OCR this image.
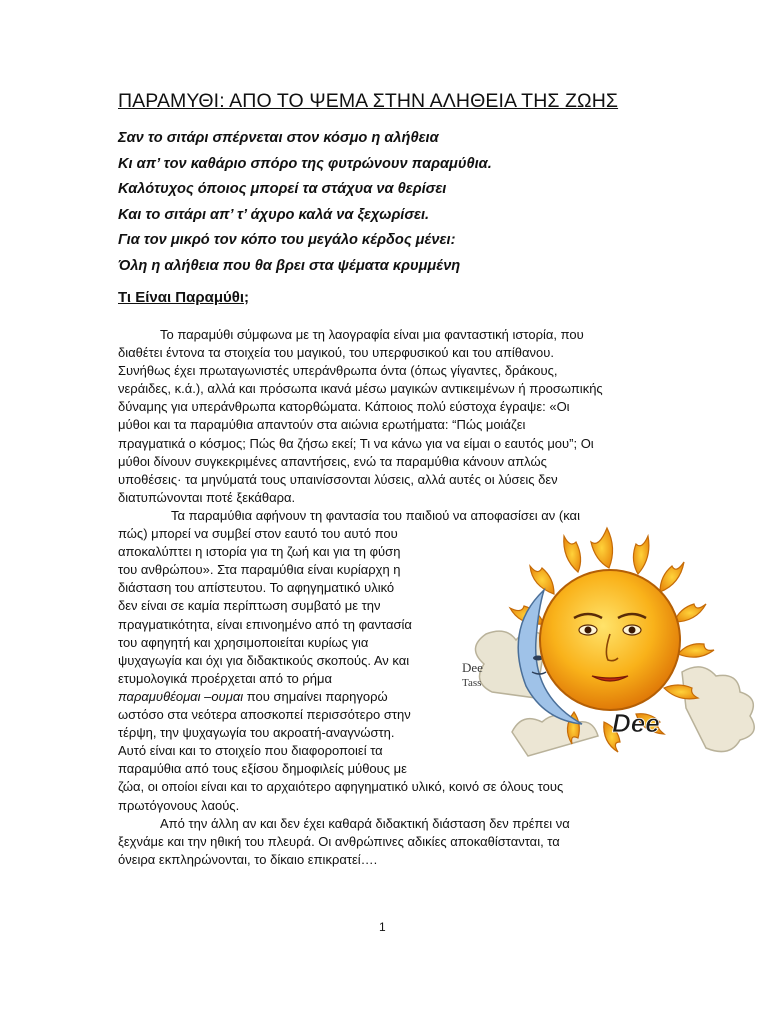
ΠΑΡΑΜΥΘΙ: ΑΠΟ ΤΟ ΨΕΜΑ ΣΤΗΝ ΑΛΗΘΕΙΑ ΤΗΣ ΖΩΗΣ
Σαν το σιτάρι σπέρνεται στον κόσμο η αλήθεια
Κι απ’ τον καθάριο σπόρο της φυτρώνουν παραμύθια.
Καλότυχος όποιος μπορεί τα στάχυα να θερίσει
Και το σιτάρι απ’ τ’ άχυρο καλά να ξεχωρίσει.
Για τον μικρό τον κόπο του μεγάλο κέρδος μένει:
Όλη η αλήθεια που θα βρει στα ψέματα κρυμμένη
Τι Είναι Παραμύθι;
Το παραμύθι σύμφωνα με τη λαογραφία είναι μια φανταστική ιστορία, που
διαθέτει έντονα τα στοιχεία του μαγικού, του υπερφυσικού και του απίθανου.
Συνήθως έχει πρωταγωνιστές υπεράνθρωπα όντα (όπως γίγαντες, δράκους,
νεράιδες, κ.ά.), αλλά και πρόσωπα ικανά μέσω μαγικών αντικειμένων ή προσωπικής
δύναμης για υπεράνθρωπα κατορθώματα. Κάποιος πολύ εύστοχα έγραψε: «Οι
μύθοι και τα παραμύθια απαντούν στα αιώνια ερωτήματα: “Πώς μοιάζει
πραγματικά ο κόσμος; Πώς θα ζήσω εκεί; Τι να κάνω για να είμαι ο εαυτός μου”; Οι
μύθοι δίνουν συγκεκριμένες απαντήσεις, ενώ τα παραμύθια κάνουν απλώς
υποθέσεις· τα μηνύματά τους υπαινίσσονται λύσεις, αλλά αυτές οι λύσεις δεν
διατυπώνονται ποτέ ξεκάθαρα.
Τα παραμύθια αφήνουν τη φαντασία του παιδιού να αποφασίσει αν (και
πώς) μπορεί να συμβεί στον εαυτό του αυτό που
αποκαλύπτει η ιστορία για τη ζωή και για τη φύση
του ανθρώπου». Στα παραμύθια είναι κυρίαρχη η
διάσταση του απίστευτου. Το αφηγηματικό υλικό
δεν είναι σε καμία περίπτωση συμβατό με την
πραγματικότητα, είναι επινοημένο από τη φαντασία
του αφηγητή και χρησιμοποιείται κυρίως για
ψυχαγωγία και όχι για διδακτικούς σκοπούς. Αν και
ετυμολογικά προέρχεται από το ρήμα
παραμυθέομαι –ουμαι που σημαίνει παρηγορώ
ωστόσο στα νεότερα αποσκοπεί περισσότερο στην
τέρψη, την ψυχαγωγία του ακροατή-αναγνώστη.
Αυτό είναι και το στοιχείο που διαφοροποιεί τα
παραμύθια από τους εξίσου δημοφιλείς μύθους με
ζώα, οι οποίοι είναι και το αρχαιότερο αφηγηματικό υλικό, κοινό σε όλους τους
πρωτόγονους λαούς.
Από την άλλη αν και δεν έχει καθαρά διδακτική διάσταση δεν πρέπει να
ξεχνάμε και την ηθική του πλευρά. Οι ανθρώπινες αδικίες αποκαθίστανται, τα
όνειρα εκπληρώνονται, το δίκαιο επικρατεί….
Dee
Tass
Dee
1
